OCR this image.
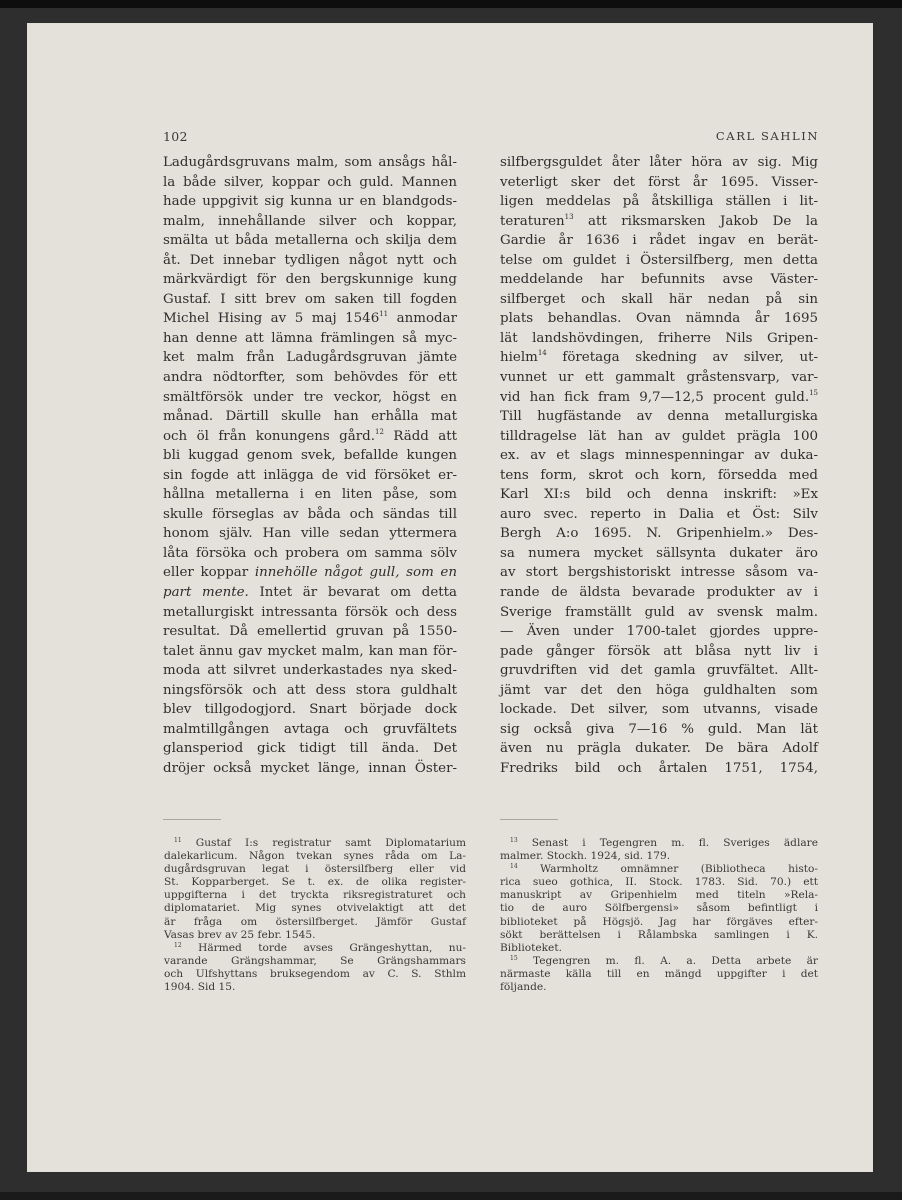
102	CARL SAHLIN
Ladugårdsgruvans malm, som ansågs hål-
la både silver, koppar och guld. Mannen
hade uppgivit sig kunna ur en blandgods-
malm, innehållande silver och koppar,
smälta ut båda metallerna och skilja dem
åt. Det innebar tydligen något nytt och
märkvärdigt för den bergskunnige kung
Gustaf. I sitt brev om saken till fogden
Michel Hising av 5 maj 1546$^{11}$ anmodar
han denne att lämna främlingen så myc-
ket malm från Ladugårdsgruvan jämte
andra nödtorfter, som behövdes för ett
smältförsök under tre veckor, högst en
månad. Därtill skulle han erhålla mat
och öl från konungens gård.$^{12}$ Rädd att
bli kuggad genom svek, befallde kungen
sin fogde att inlägga de vid försöket er-
hållna metallerna i en liten påse, som
skulle förseglas av båda och sändas till
honom själv. Han ville sedan yttermera
låta försöka och probera om samma sölv
eller koppar innehölle något gull, som en
part mente. Intet är bevarat om detta
metallurgiskt intressanta försök och dess
resultat. Då emellertid gruvan på 1550-
talet ännu gav mycket malm, kan man för-
moda att silvret underkastades nya sked-
ningsförsök och att dess stora guldhalt
blev tillgodogjord. Snart började dock
malmtillgången avtaga och gruvfältets
glansperiod gick tidigt till ända. Det
dröjer också mycket länge, innan Öster-
silfbergsguldet åter låter höra av sig. Mig
veterligt sker det först år 1695. Visser-
ligen meddelas på åtskilliga ställen i lit-
teraturen$^{13}$ att riksmarsken Jakob De la
Gardie år 1636 i rådet ingav en berät-
telse om guldet i Östersilfberg, men detta
meddelande har befunnits avse Väster-
silfberget och skall här nedan på sin
plats behandlas. Ovan nämnda år 1695
lät landshövdingen, friherre Nils Gripen-
hielm$^{14}$ företaga skedning av silver, ut-
vunnet ur ett gammalt gråstensvarp, var-
vid han fick fram 9,7—12,5 procent guld.$^{15}$
Till hugfästande av denna metallurgiska
tilldragelse lät han av guldet prägla 100
ex. av et slags minnespenningar av duka-
tens form, skrot och korn, försedda med
Karl XI:s bild och denna inskrift: »Ex
auro svec. reperto in Dalia et Öst: Silv
Bergh A:o 1695. N. Gripenhielm.» Des-
sa numera mycket sällsynta dukater äro
av stort bergshistoriskt intresse såsom va-
rande de äldsta bevarade produkter av i
Sverige framställt guld av svensk malm.
— Även under 1700-talet gjordes uppre-
pade gånger försök att blåsa nytt liv i
gruvdriften vid det gamla gruvfältet. Allt-
jämt var det den höga guldhalten som
lockade. Det silver, som utvanns, visade
sig också giva 7—16 % guld. Man lät
även nu prägla dukater. De bära Adolf
Fredriks bild och årtalen 1751, 1754,
$^{11}$ Gustaf I:s registratur samt Diplomatarium
dalekarlicum. Någon tvekan synes råda om La-
dugårdsgruvan legat i östersilfberg eller vid
St. Kopparberget. Se t. ex. de olika register-
uppgifterna i det tryckta riksregistraturet och
diplomatariet. Mig synes otvivelaktigt att det
är fråga om östersilfberget. Jämför Gustaf
Vasas brev av 25 febr. 1545.
$^{12}$ Härmed torde avses Grängeshyttan, nu-
varande Grängshammar, Se Grängshammars
och Ulfshyttans bruksegendom av C. S. Sthlm
1904. Sid 15.
$^{13}$ Senast i Tegengren m. fl. Sveriges ädlare
malmer. Stockh. 1924, sid. 179.
$^{14}$ Warmholtz omnämner (Bibliotheca histo-
rica sueo gothica, II. Stock. 1783. Sid. 70.) ett
manuskript av Gripenhielm med titeln »Rela-
tio de auro Sölfbergensi» såsom befintligt i
biblioteket på Högsjö. Jag har förgäves efter-
sökt berättelsen i Rålambska samlingen i K.
Biblioteket.
$^{15}$ Tegengren m. fl. A. a. Detta arbete är
närmaste källa till en mängd uppgifter i det
följande.
